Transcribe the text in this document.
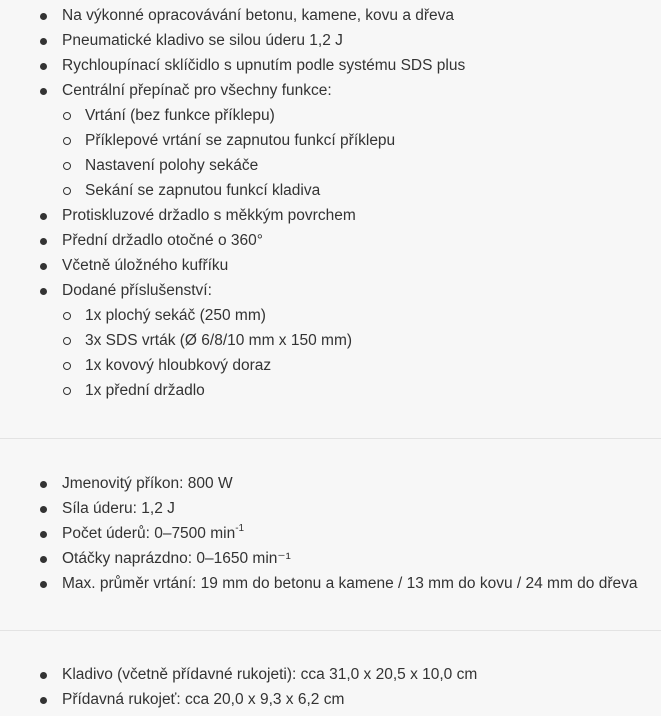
Na výkonné opracovávání betonu, kamene, kovu a dřeva
Pneumatické kladivo se silou úderu 1,2 J
Rychloupínací sklíčidlo s upnutím podle systému SDS plus
Centrální přepínač pro všechny funkce:
Vrtání (bez funkce příklepu)
Příklepové vrtání se zapnutou funkcí příklepu
Nastavení polohy sekáče
Sekání se zapnutou funkcí kladiva
Protiskluzové držadlo s měkkým povrchem
Přední držadlo otočné o 360°
Včetně úložného kufříku
Dodané příslušenství:
1x plochý sekáč (250 mm)
3x SDS vrták (Ø 6/8/10 mm x 150 mm)
1x kovový hloubkový doraz
1x přední držadlo
Jmenovitý příkon: 800 W
Síla úderu: 1,2 J
Počet úderů: 0–7500 $\min^{-1}$
Otáčky naprázdno: 0–1650 min⁻¹
Max. průměr vrtání: 19 mm do betonu a kamene / 13 mm do kovu / 24 mm do dřeva
Kladivo (včetně přídavné rukojeti): cca 31,0 x 20,5 x 10,0 cm
Přídavná rukojeť: cca 20,0 x 9,3 x 6,2 cm
